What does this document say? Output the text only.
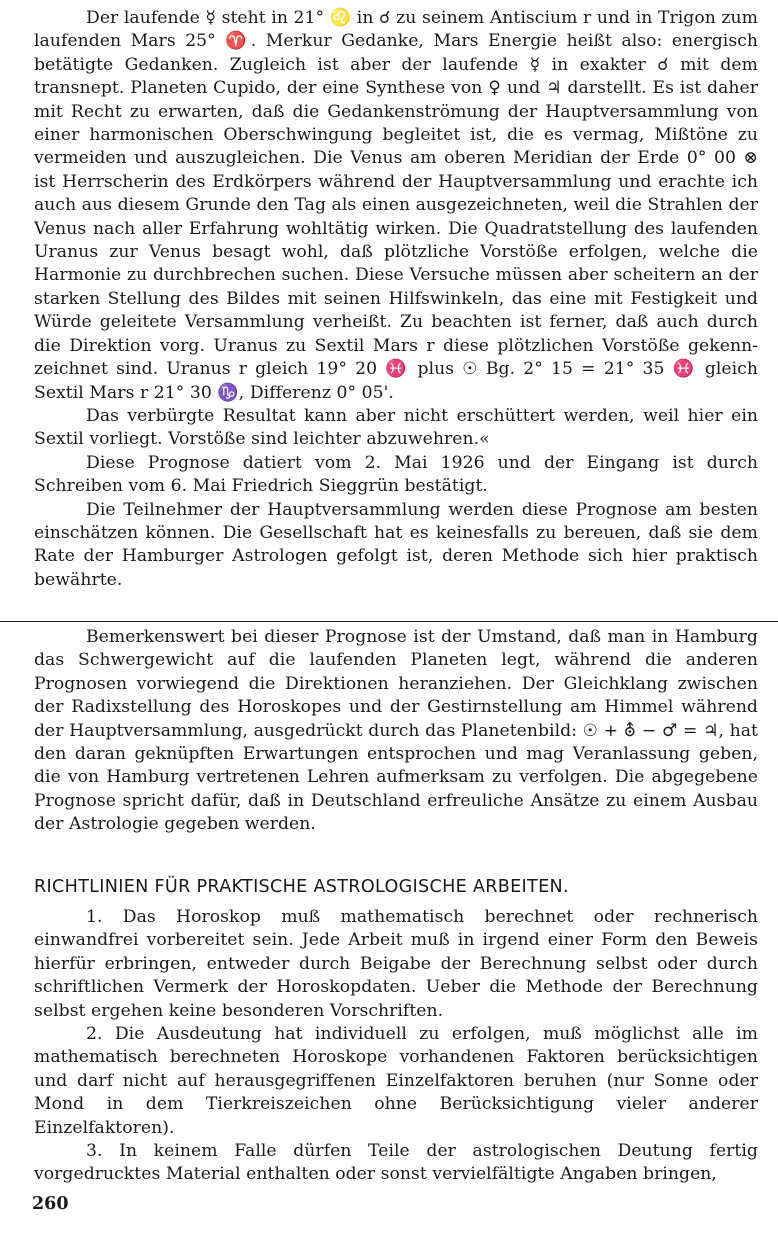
Der laufende ☿ steht in 21° ♌ in ☌ zu seinem Antiscium r und in Trigon zum laufenden Mars 25° ♈. Merkur Gedanke, Mars Energie heißt also: energisch betätigte Gedanken. Zugleich ist aber der laufende ☿ in exakter ☌ mit dem transnept. Planeten Cupido, der eine Synthese von ♀ und ♃ darstellt. Es ist daher mit Recht zu erwarten, daß die Gedankenströmung der Hauptversammlung von einer harmonischen Oberschwingung begleitet ist, die es vermag, Mißtöne zu vermeiden und auszugleichen. Die Venus am oberen Meridian der Erde 0° 00 ⊗ ist Herrscherin des Erdkörpers während der Hauptversammlung und erachte ich auch aus diesem Grunde den Tag als einen ausgezeichneten, weil die Strahlen der Venus nach aller Erfahrung wohltätig wirken. Die Quadratstellung des laufenden Uranus zur Venus besagt wohl, daß plötzliche Vorstöße erfolgen, welche die Harmonie zu durchbrechen suchen. Diese Versuche müssen aber scheitern an der starken Stellung des Bildes mit seinen Hilfswinkeln, das eine mit Festigkeit und Würde geleitete Versammlung verheißt. Zu beachten ist ferner, daß auch durch die Direktion vorg. Uranus zu Sextil Mars r diese plötzlichen Vorstöße gekennzeichnet sind. Uranus r gleich 19° 20 ♓ plus ☉ Bg. 2° 15 = 21° 35 ♓ gleich Sextil Mars r 21° 30 ♑, Differenz 0° 05'.

Das verbürgte Resultat kann aber nicht erschüttert werden, weil hier ein Sextil vorliegt. Vorstöße sind leichter abzuwehren.«

Diese Prognose datiert vom 2. Mai 1926 und der Eingang ist durch Schreiben vom 6. Mai Friedrich Sieggrün bestätigt.

Die Teilnehmer der Hauptversammlung werden diese Prognose am besten einschätzen können. Die Gesellschaft hat es keinesfalls zu bereuen, daß sie dem Rate der Hamburger Astrologen gefolgt ist, deren Methode sich hier praktisch bewährte.

Bemerkenswert bei dieser Prognose ist der Umstand, daß man in Hamburg das Schwergewicht auf die laufenden Planeten legt, während die anderen Prognosen vorwiegend die Direktionen heranziehen. Der Gleichklang zwischen der Radixstellung des Horoskopes und der Gestirnstellung am Himmel während der Hauptversammlung, ausgedrückt durch das Planetenbild: ☉ + ⛢ − ♂ = ♃, hat den daran geknüpften Erwartungen entsprochen und mag Veranlassung geben, die von Hamburg vertretenen Lehren aufmerksam zu verfolgen. Die abgegebene Prognose spricht dafür, daß in Deutschland erfreuliche Ansätze zu einem Ausbau der Astrologie gegeben werden.

RICHTLINIEN FÜR PRAKTISCHE ASTROLOGISCHE ARBEITEN.

1. Das Horoskop muß mathematisch berechnet oder rechnerisch einwandfrei vorbereitet sein. Jede Arbeit muß in irgend einer Form den Beweis hierfür erbringen, entweder durch Beigabe der Berechnung selbst oder durch schriftlichen Vermerk der Horoskopdaten. Ueber die Methode der Berechnung selbst ergehen keine besonderen Vorschriften.

2. Die Ausdeutung hat individuell zu erfolgen, muß möglichst alle im mathematisch berechneten Horoskope vorhandenen Faktoren berücksichtigen und darf nicht auf herausgegriffenen Einzelfaktoren beruhen (nur Sonne oder Mond in dem Tierkreiszeichen ohne Berücksichtigung vieler anderer Einzelfaktoren).

3. In keinem Falle dürfen Teile der astrologischen Deutung fertig vorgedrucktes Material enthalten oder sonst vervielfältigte Angaben bringen,

260
